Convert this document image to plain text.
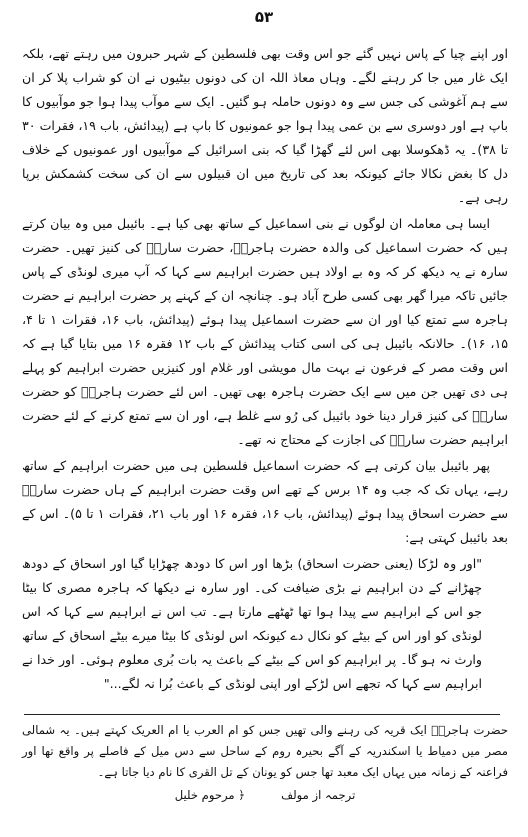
۵۳

اور اپنے چیا کے پاس نہیں گئے جو اس وقت بھی فلسطین کے شہر حبرون میں رہتے تھے، بلکہ ایک غار میں جا کر رہنے لگے۔ وہاں معاذ اللہ ان کی دونوں بیٹیوں نے ان کو شراب پلا کر ان سے ہم آغوشی کی جس سے وہ دونوں حاملہ ہو گئیں۔ ایک سے موآب پیدا ہوا جو موآبیوں کا باپ ہے اور دوسری سے بن عمی پیدا ہوا جو عمونیوں کا باپ ہے (پیدائش، باب ۱۹، فقرات ۳۰ تا ۳۸)۔ یہ ڈھکوسلا بھی اس لئے گھڑا گیا کہ بنی اسرائیل کے موآبیوں اور عمونیوں کے خلاف دل کا بغض نکالا جائے کیونکہ بعد کی تاریخ میں ان قبیلوں سے ان کی سخت کشمکش برپا رہی ہے۔

ایسا ہی معاملہ ان لوگوں نے بنی اسماعیل کے ساتھ بھی کیا ہے۔ بائیبل میں وہ بیان کرتے ہیں کہ حضرت اسماعیل کی والدہ حضرت ہاجرہؑ، حضرت سارہؑ کی کنیز تھیں۔ حضرت سارہ نے یہ دیکھ کر کہ وہ بے اولاد ہیں حضرت ابراہیم سے کہا کہ آپ میری لونڈی کے پاس جائیں تاکہ میرا گھر بھی کسی طرح آباد ہو۔ چنانچہ ان کے کہنے پر حضرت ابراہیم نے حضرت ہاجرہ سے تمتع کیا اور ان سے حضرت اسماعیل پیدا ہوئے (پیدائش، باب ۱۶، فقرات ۱ تا ۴، ۱۵، ۱۶)۔ حالانکہ بائیبل ہی کی اسی کتاب پیدائش کے باب ۱۲ فقرہ ۱۶ میں بتایا گیا ہے کہ اس وقت مصر کے فرعون نے بہت مال مویشی اور غلام اور کنیزیں حضرت ابراہیم کو پہلے ہی دی تھیں جن میں سے ایک حضرت ہاجرہ بھی تھیں۔ اس لئے حضرت ہاجرہؑ کو حضرت سارہؑ کی کنیز قرار دینا خود بائیبل کی رُو سے غلط ہے، اور ان سے تمتع کرنے کے لئے حضرت ابراہیم حضرت سارہؑ کی اجازت کے محتاج نہ تھے۔

پھر بائیبل بیان کرتی ہے کہ حضرت اسماعیل فلسطین ہی میں حضرت ابراہیم کے ساتھ رہے، یہاں تک کہ جب وہ ۱۴ برس کے تھے اس وقت حضرت ابراہیم کے ہاں حضرت سارہؑ سے حضرت اسحاق پیدا ہوئے (پیدائش، باب ۱۶، فقرہ ۱۶ اور باب ۲۱، فقرات ۱ تا ۵)۔ اس کے بعد بائیبل کہتی ہے:

"اور وہ لڑکا (یعنی حضرت اسحاق) بڑھا اور اس کا دودھ چھڑایا گیا اور اسحاق کے دودھ چھڑانے کے دن ابراہیم نے بڑی ضیافت کی۔ اور سارہ نے دیکھا کہ ہاجرہ مصری کا بیٹا جو اس کے ابراہیم سے پیدا ہوا تھا ٹھٹھے مارتا ہے۔ تب اس نے ابراہیم سے کہا کہ اس لونڈی کو اور اس کے بیٹے کو نکال دے کیونکہ اس لونڈی کا بیٹا میرے بیٹے اسحاق کے ساتھ وارث نہ ہو گا۔ پر ابراہیم کو اس کے بیٹے کے باعث یہ بات بُری معلوم ہوئی۔ اور خدا نے ابراہیم سے کہا کہ تجھے اس لڑکے اور اپنی لونڈی کے باعث بُرا نہ لگے..."

حضرت ہاجرہؑ ایک قریہ کی رہنے والی تھیں جس کو ام العرب یا ام العریک کہتے ہیں۔ یہ شمالی مصر میں دمیاط یا اسکندریہ کے آگے بحیرہ روم کے ساحل سے دس میل کے فاصلے پر واقع تھا اور فراعنہ کے زمانہ میں یہاں ایک معبد تھا جس کو یونان کے تل القری کا نام دیا جاتا ہے۔

ترجمہ از مولف
﴿ مرحوم خلیل
